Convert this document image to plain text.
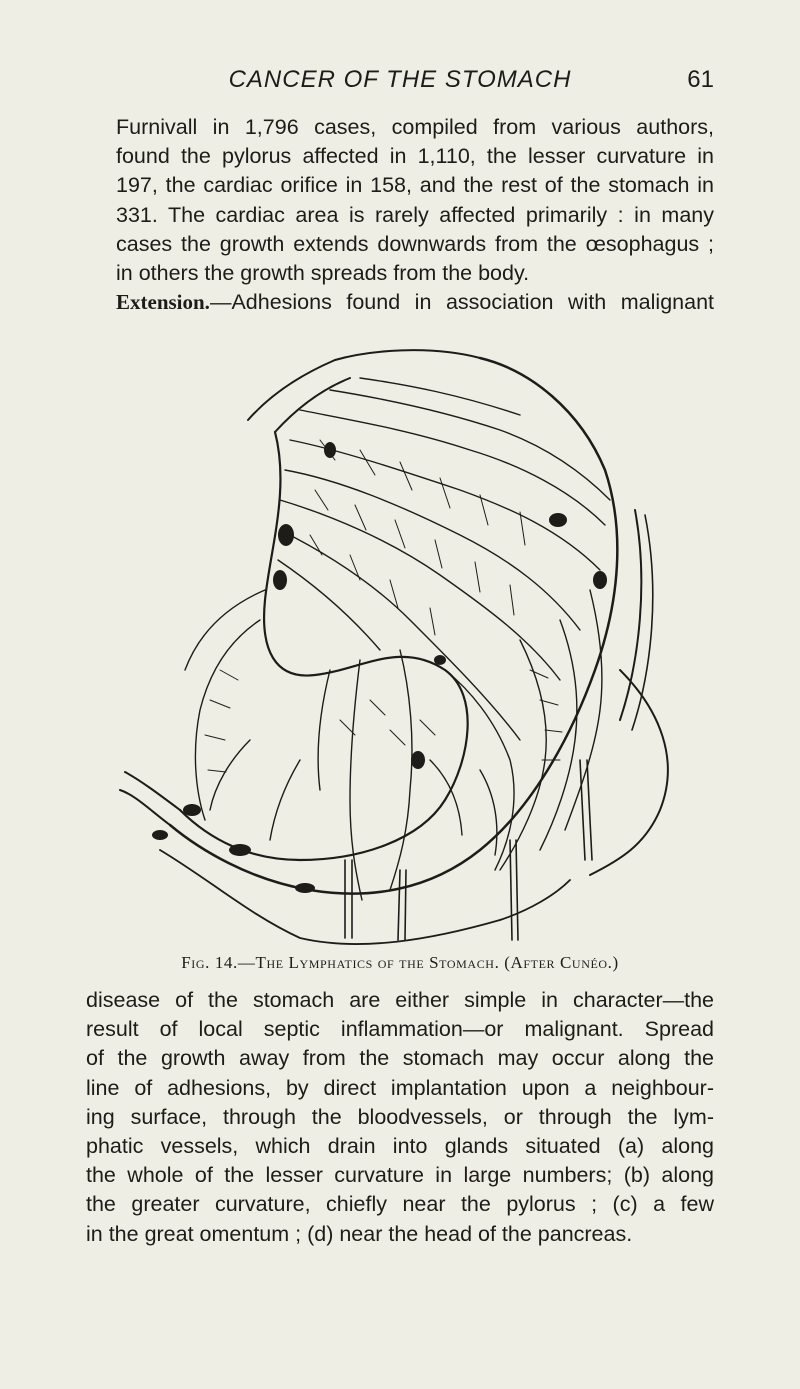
CANCER OF THE STOMACH	61
Furnivall in 1,796 cases, compiled from various authors,
found the pylorus affected in 1,110, the lesser curvature in
197, the cardiac orifice in 158, and the rest of the stomach in
331. The cardiac area is rarely affected primarily : in many
cases the growth extends downwards from the œsophagus ;
in others the growth spreads from the body.
Extension.—Adhesions found in association with malignant
Fig. 14.—The Lymphatics of the Stomach. (After Cunéo.)
disease of the stomach are either simple in character—the
result of local septic inflammation—or malignant. Spread
of the growth away from the stomach may occur along the
line of adhesions, by direct implantation upon a neighbour-
ing surface, through the bloodvessels, or through the lym-
phatic vessels, which drain into glands situated (a) along
the whole of the lesser curvature in large numbers; (b) along
the greater curvature, chiefly near the pylorus ; (c) a few
in the great omentum ; (d) near the head of the pancreas.
